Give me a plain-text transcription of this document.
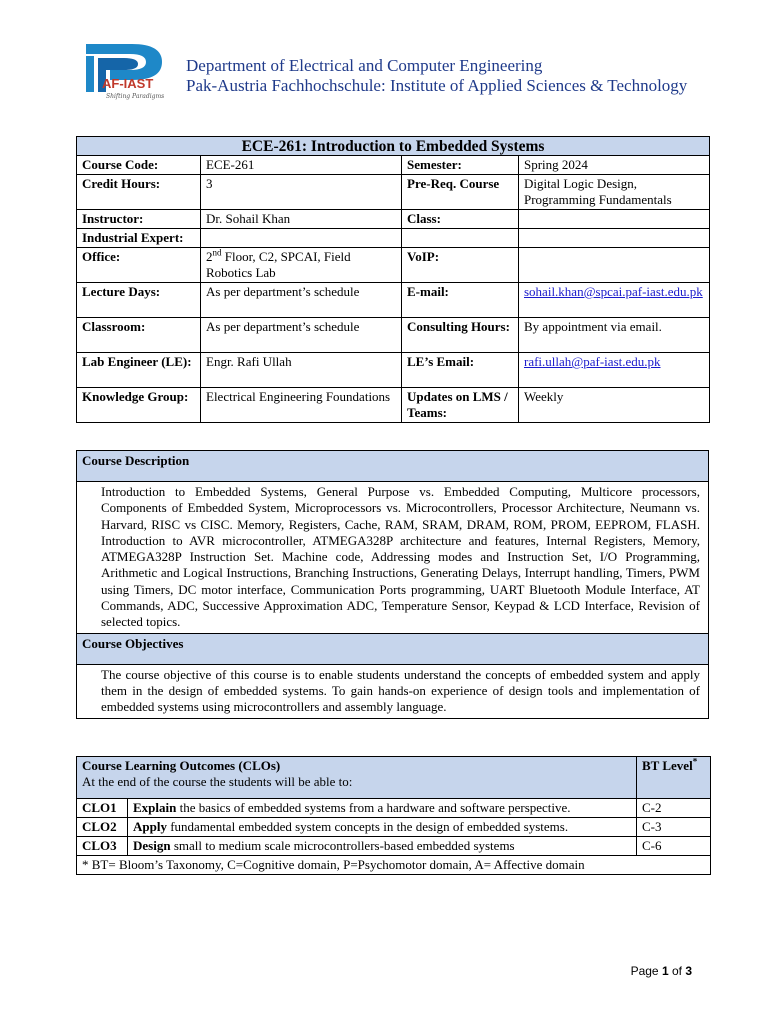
AF-IAST
Shifting Paradigms
Department of Electrical and Computer Engineering
Pak-Austria Fachhochschule: Institute of Applied Sciences & Technology
ECE-261: Introduction to Embedded Systems			
Course Code:	ECE-261	Semester:	Spring 2024
Credit Hours:	3	Pre-Req. Course	Digital Logic Design,
Programming Fundamentals

Instructor:	Dr. Sohail Khan	Class:	
Industrial Expert:			
Office:	2nd Floor, C2, SPCAI, Field Robotics Lab	VoIP:	
Lecture Days:	As per department’s schedule	E-mail:	sohail.khan@spcai.paf-iast.edu.pk
Classroom:	As per department’s schedule	Consulting Hours:	By appointment via email.
Lab Engineer (LE):	Engr. Rafi Ullah	LE’s Email:	rafi.ullah@paf-iast.edu.pk
Knowledge Group:	Electrical Engineering Foundations	Updates on LMS / Teams:	Weekly
Course Description
Introduction to Embedded Systems, General Purpose vs. Embedded Computing, Multicore processors, Components of Embedded System, Microprocessors vs. Microcontrollers, Processor Architecture, Neumann vs. Harvard, RISC vs CISC. Memory, Registers, Cache, RAM, SRAM, DRAM, ROM, PROM, EEPROM, FLASH. Introduction to AVR microcontroller, ATMEGA328P architecture and features, Internal Registers, Memory, ATMEGA328P Instruction Set. Machine code, Addressing modes and Instruction Set, I/O Programming, Arithmetic and Logical Instructions, Branching Instructions, Generating Delays, Interrupt handling, Timers, PWM using Timers, DC motor interface, Communication Ports programming, UART Bluetooth Module Interface, AT Commands, ADC, Successive Approximation ADC, Temperature Sensor, Keypad & LCD Interface, Revision of selected topics.
Course Objectives
The course objective of this course is to enable students understand the concepts of embedded system and apply them in the design of embedded systems. To gain hands-on experience of design tools and implementation of embedded systems using microcontrollers and assembly language.
Course Learning Outcomes (CLOs)
At the end of the course the students will be able to:		BT Level*
CLO1	Explain the basics of embedded systems from a hardware and software perspective.	C-2
CLO2	Apply fundamental embedded system concepts in the design of embedded systems.	C-3
CLO3	Design small to medium scale microcontrollers-based embedded systems	C-6
* BT= Bloom’s Taxonomy, C=Cognitive domain, P=Psychomotor domain, A= Affective domain		
Page 1 of 3
